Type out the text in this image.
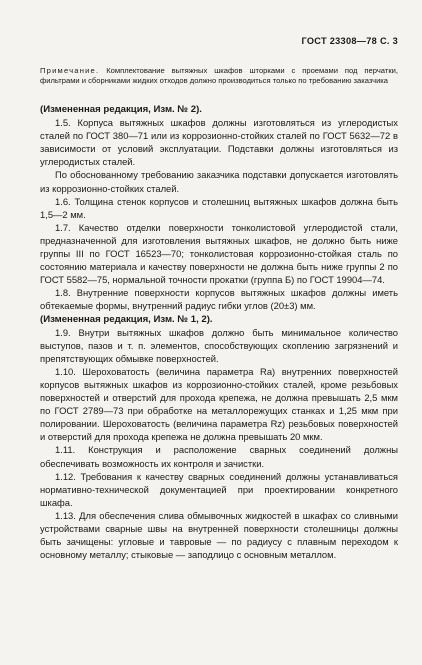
ГОСТ 23308—78 С. 3
Примечание. Комплектование вытяжных шкафов шторками с проемами под перчатки, фильтрами и сборниками жидких отходов должно производиться только по требованию заказчика

(Измененная редакция, Изм. № 2).

1.5. Корпуса вытяжных шкафов должны изготовляться из углеродистых сталей по ГОСТ 380—71 или из коррозионно-стойких сталей по ГОСТ 5632—72 в зависимости от условий эксплуатации. Подставки должны изготовляться из углеродистых сталей.

По обоснованному требованию заказчика подставки допускается изготовлять из коррозионно-стойких сталей.

1.6. Толщина стенок корпусов и столешниц вытяжных шкафов должна быть 1,5—2 мм.

1.7. Качество отделки поверхности тонколистовой углеродистой стали, предназначенной для изготовления вытяжных шкафов, не должно быть ниже группы III по ГОСТ 16523—70; тонколистовая коррозионно-стойкая сталь по состоянию материала и качеству поверхности не должна быть ниже группы 2 по ГОСТ 5582—75, нормальной точности прокатки (группа Б) по ГОСТ 19904—74.

1.8. Внутренние поверхности корпусов вытяжных шкафов должны иметь обтекаемые формы, внутренний радиус гибки углов (20±3) мм.

(Измененная редакция, Изм. № 1, 2).

1.9. Внутри вытяжных шкафов должно быть минимальное количество выступов, пазов и т. п. элементов, способствующих скоплению загрязнений и препятствующих обмывке поверхностей.

1.10. Шероховатость (величина параметра Ra) внутренних поверхностей корпусов вытяжных шкафов из коррозионно-стойких сталей, кроме резьбовых поверхностей и отверстий для прохода крепежа, не должна превышать 2,5 мкм по ГОСТ 2789—73 при обработке на металлорежущих станках и 1,25 мкм при полировании. Шероховатость (величина параметра Rz) резьбовых поверхностей и отверстий для прохода крепежа не должна превышать 20 мкм.

1.11. Конструкция и расположение сварных соединений должны обеспечивать возможность их контроля и зачистки.

1.12. Требования к качеству сварных соединений должны устанавливаться нормативно-технической документацией при проектировании конкретного шкафа.

1.13. Для обеспечения слива обмывочных жидкостей в шкафах со сливными устройствами сварные швы на внутренней поверхности столешницы должны быть зачищены: угловые и тавровые — по радиусу с плавным переходом к основному металлу; стыковые — заподлицо с основным металлом.
